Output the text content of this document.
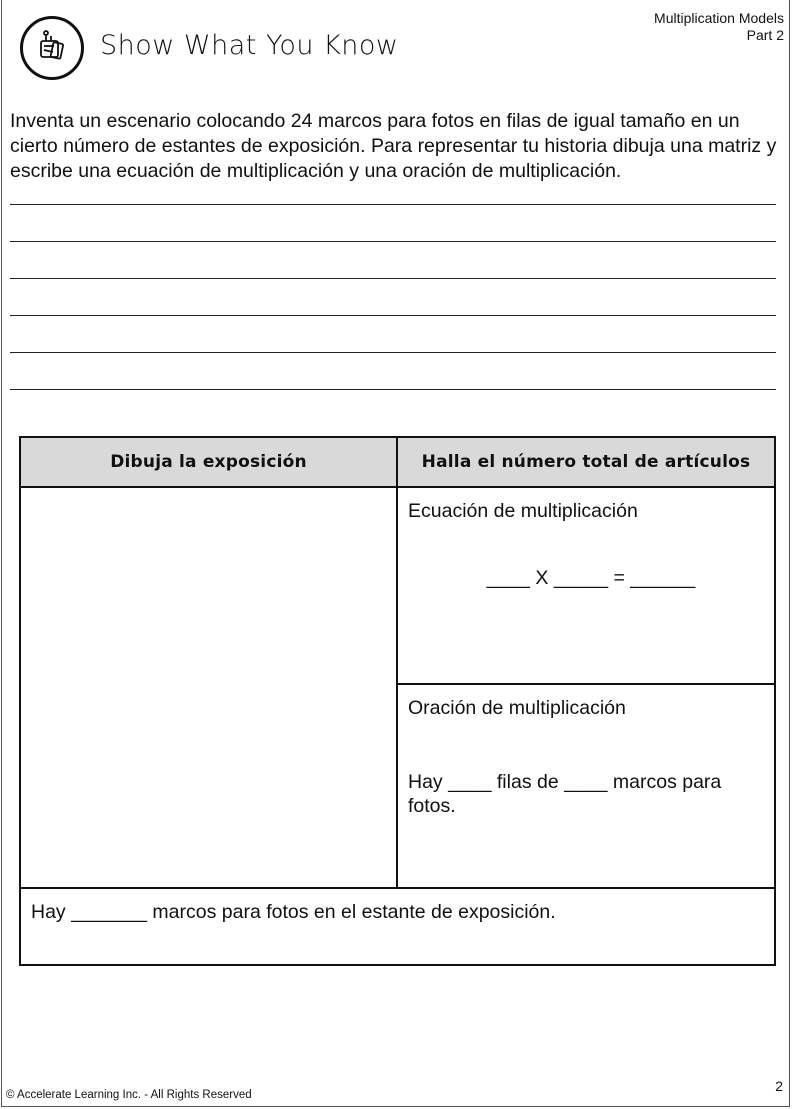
Show What You Know
Multiplication Models
Part 2
Inventa un escenario colocando 24 marcos para fotos en filas de igual tamaño en un cierto número de estantes de exposición. Para representar tu historia dibuja una matriz y escribe una ecuación de multiplicación y una oración de multiplicación.
Dibuja la exposición	Halla el número total de artículos

	Ecuación de multiplicación
____ X _____ = ______

	Oración de multiplicación
Hay ____ filas de ____ marcos para fotos.

Hay _______ marcos para fotos en el estante de exposición.	
© Accelerate Learning Inc. - All Rights Reserved
2
